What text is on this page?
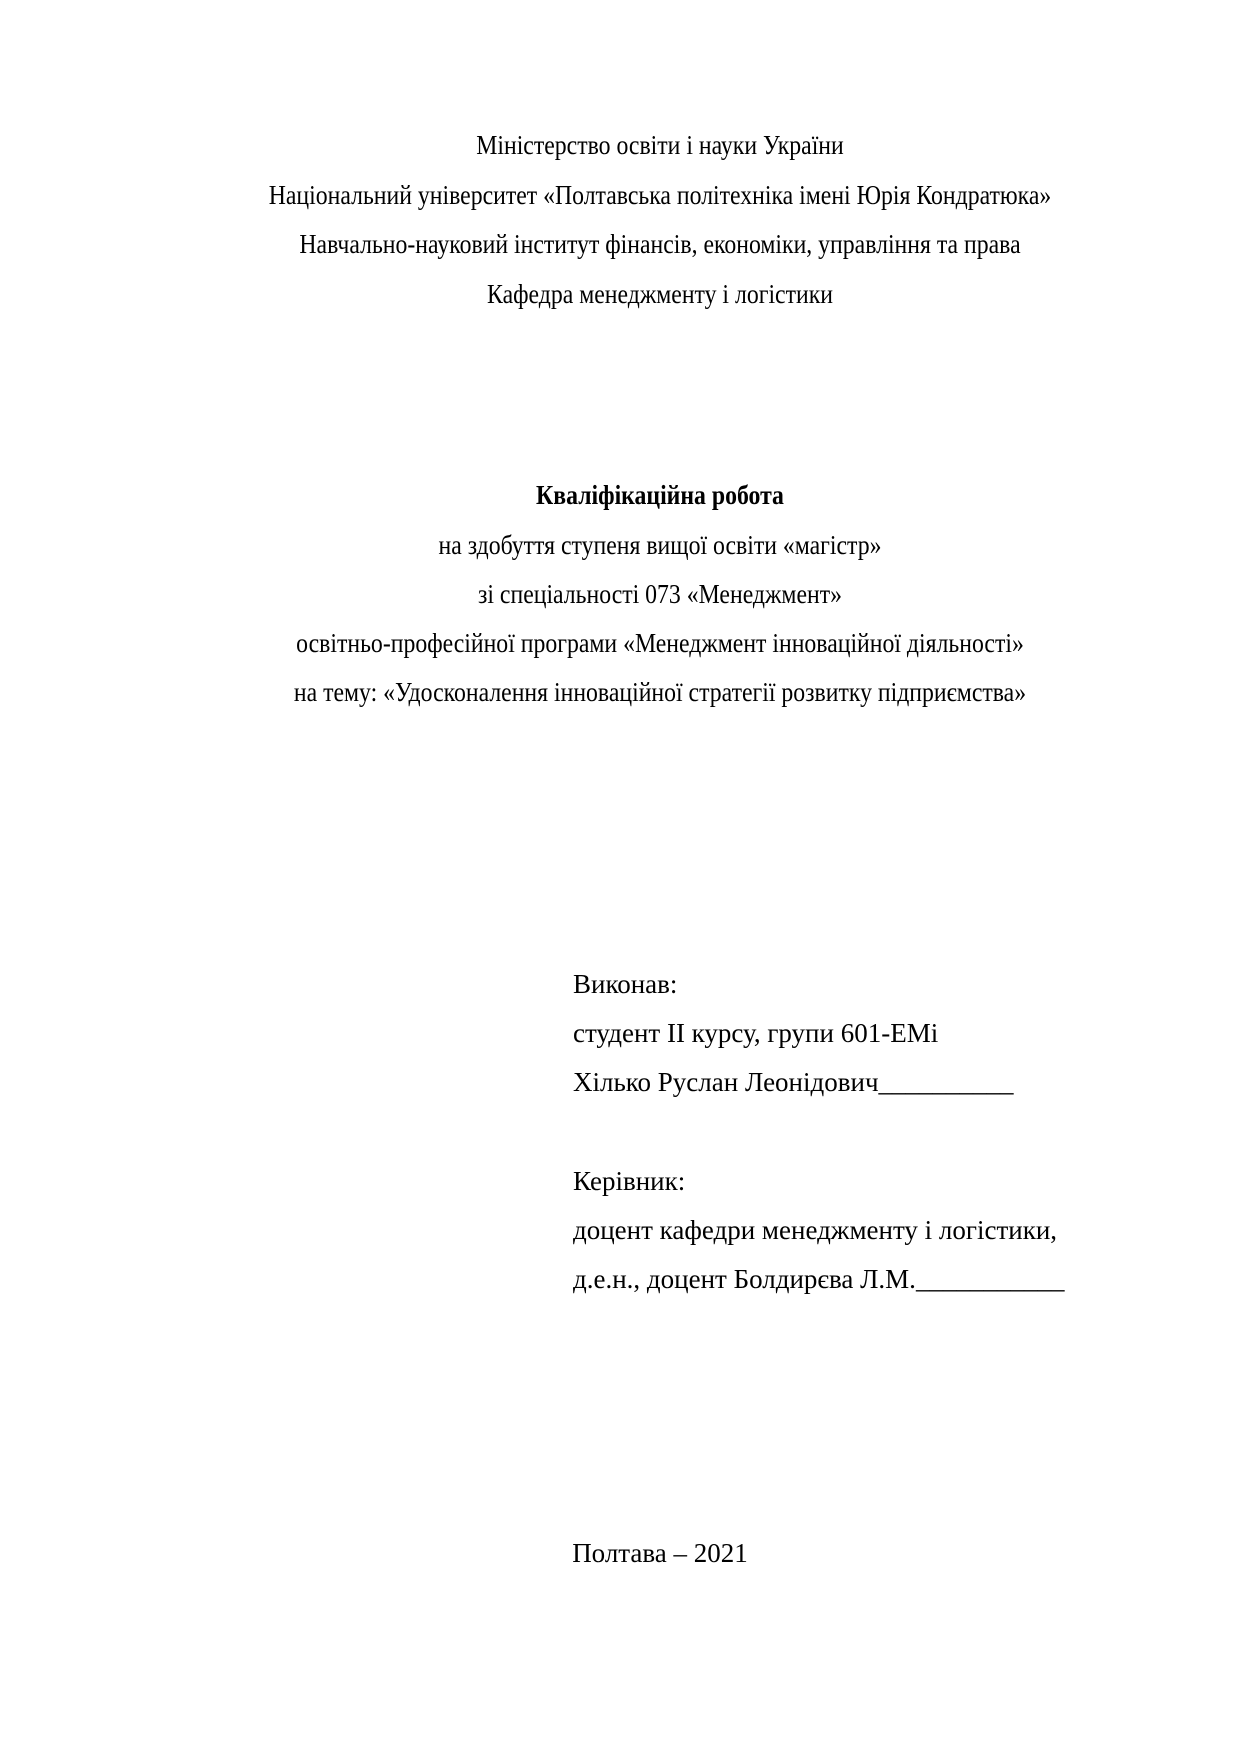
Міністерство освіти і науки України
Національний університет «Полтавська політехніка імені Юрія Кондратюка»
Навчально-науковий інститут фінансів, економіки, управління та права
Кафедра менеджменту і логістики
Кваліфікаційна робота
на здобуття ступеня вищої освіти «магістр»
зі спеціальності 073 «Менеджмент»
освітньо-професійної програми «Менеджмент інноваційної діяльності»
на тему: «Удосконалення інноваційної стратегії розвитку підприємства»
Виконав:
студент II курсу, групи 601-ЕМі
Хілько Руслан Леонідович__________
Керівник:
доцент кафедри менеджменту і логістики,
д.е.н., доцент Болдирєва Л.М.___________
Полтава – 2021
